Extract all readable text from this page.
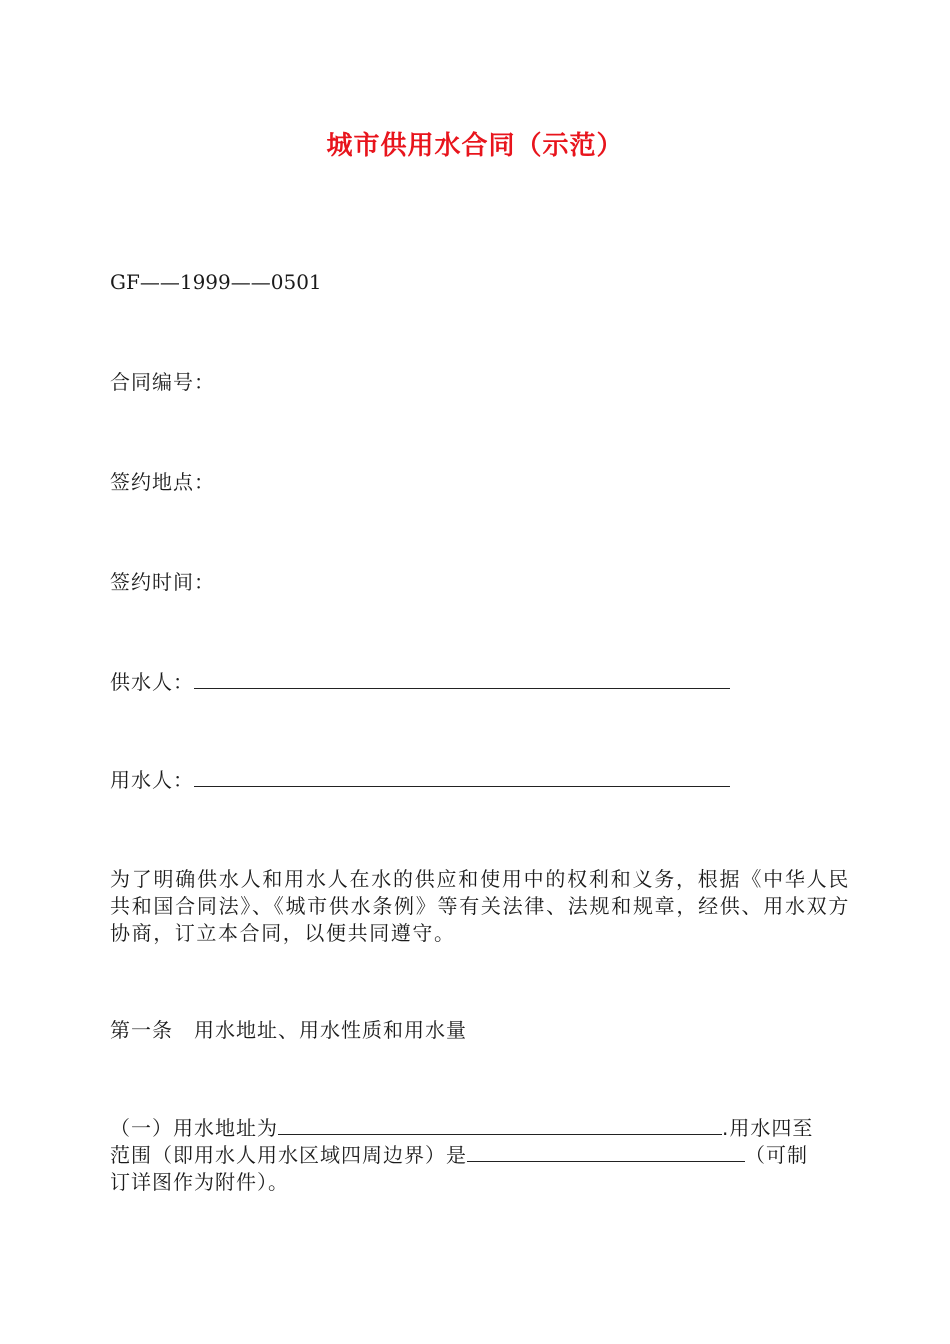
城市供用水合同（示范）
GF——1999——0501
合同编号：
签约地点：
签约时间：
供水人：
用水人：
为了明确供水人和用水人在水的供应和使用中的权利和义务，根据《中华人民共和国合同法》、《城市供水条例》等有关法律、法规和规章，经供、用水双方协商，订立本合同，以便共同遵守。
第一条　用水地址、用水性质和用水量
（一）用水地址为	.用水四至
范围（即用水人用水区域四周边界）是	（可制
订详图作为附件）。
